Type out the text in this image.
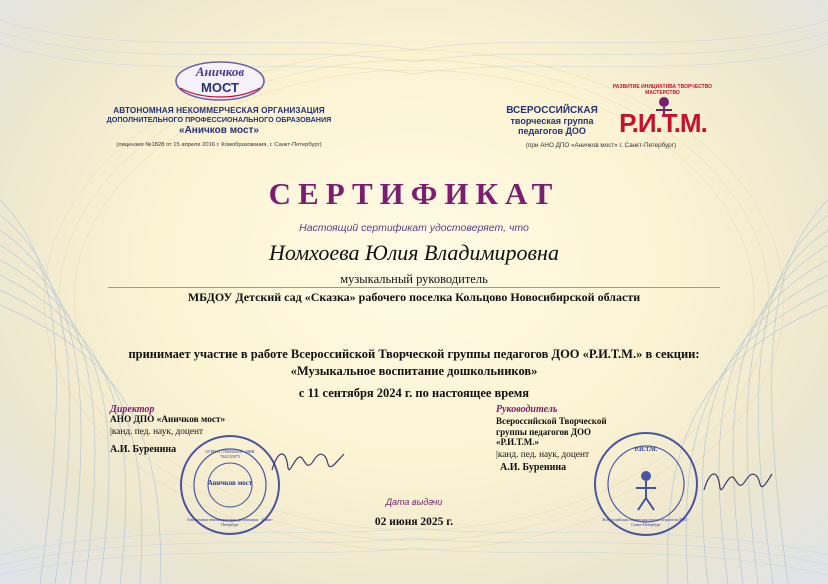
Аничков
МОСТ
АВТОНОМНАЯ НЕКОММЕРЧЕСКАЯ ОРГАНИЗАЦИЯ
ДОПОЛНИТЕЛЬНОГО ПРОФЕССИОНАЛЬНОГО ОБРАЗОВАНИЯ
«Аничков мост»
(лицензия №1828 от 15 апреля 2016 г. Комобразования, г. Санкт-Петербург)
ВСЕРОССИЙСКАЯ
творческая группа
педагогов ДОО
РАЗВИТИЕ ИНИЦИАТИВА ТВОРЧЕСТВО МАСТЕРСТВО
Р.И.Т.М.
(при АНО ДПО «Аничков мост» г. Санкт-Петербург)
СЕРТИФИКАТ
Настоящий сертификат удостоверяет, что
Номхоева Юлия Владимировна
музыкальный руководитель
МБДОУ Детский сад «Сказка» рабочего поселка Кольцово Новосибирской области
принимает участие в работе Всероссийской Творческой группы педагогов ДОО «Р.И.Т.М.» в секции:
«Музыкальное воспитание дошкольников»
с 11 сентября 2024 г. по настоящее время
Директор
АНО ДПО «Аничков мост»
|канд. пед. наук, доцент
А.И. Буренина
Руководитель
Всероссийской Творческой
группы педагогов ДОО
«Р.И.Т.М.»
|канд. пед. наук, доцент
А.И. Буренина
Аничков мост
Автономная некоммерческая организация · Санкт-Петербург
ОГРН 1177800004430 · ИНН 7842135875
Р.И.Т.М.
Всероссийская творческая группа педагогов ДОО · Санкт-Петербург
Дата выдачи
02 июня 2025 г.
